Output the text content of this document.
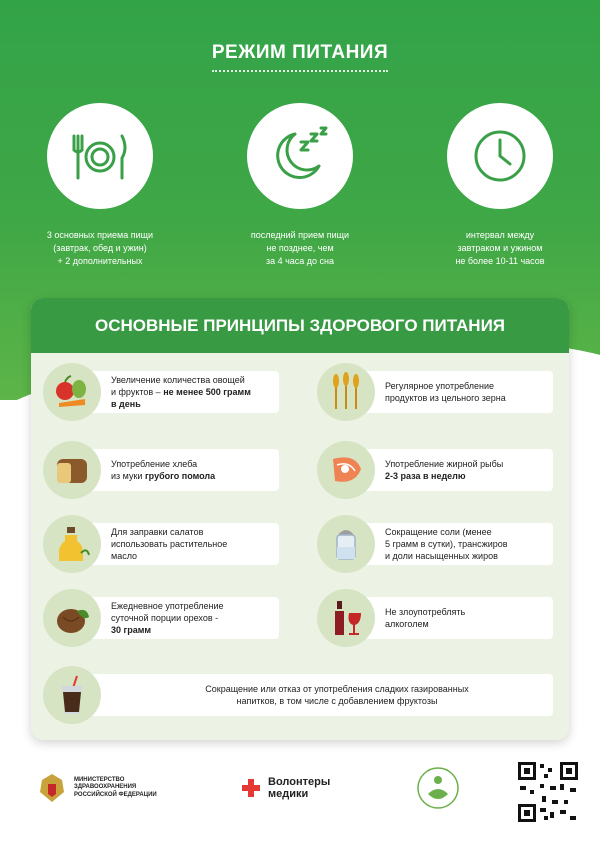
РЕЖИМ ПИТАНИЯ
3 основных приема пищи
(завтрак, обед и ужин)
+ 2 дополнительных
последний прием пищи
не позднее, чем
за 4 часа до сна
интервал между
завтраком и ужином
не более 10-11 часов
ОСНОВНЫЕ ПРИНЦИПЫ ЗДОРОВОГО ПИТАНИЯ
Увеличение количества овощей
и фруктов – не менее 500 грамм
в день
Регулярное употребление
продуктов из цельного зерна
Употребление хлеба
из муки грубого помола
Употребление жирной рыбы
2-3 раза в неделю
Для заправки салатов
использовать растительное
масло
Сокращение соли (менее
5 грамм в сутки), трансжиров
и доли насыщенных жиров
Ежедневное употребление
суточной порции орехов -
30 грамм
Не злоупотреблять
алкоголем
Сокращение или отказ от употребления сладких газированных
напитков, в том числе с добавлением фруктозы
МИНИСТЕРСТВО
ЗДРАВООХРАНЕНИЯ
РОССИЙСКОЙ ФЕДЕРАЦИИ
Волонтеры
медики
